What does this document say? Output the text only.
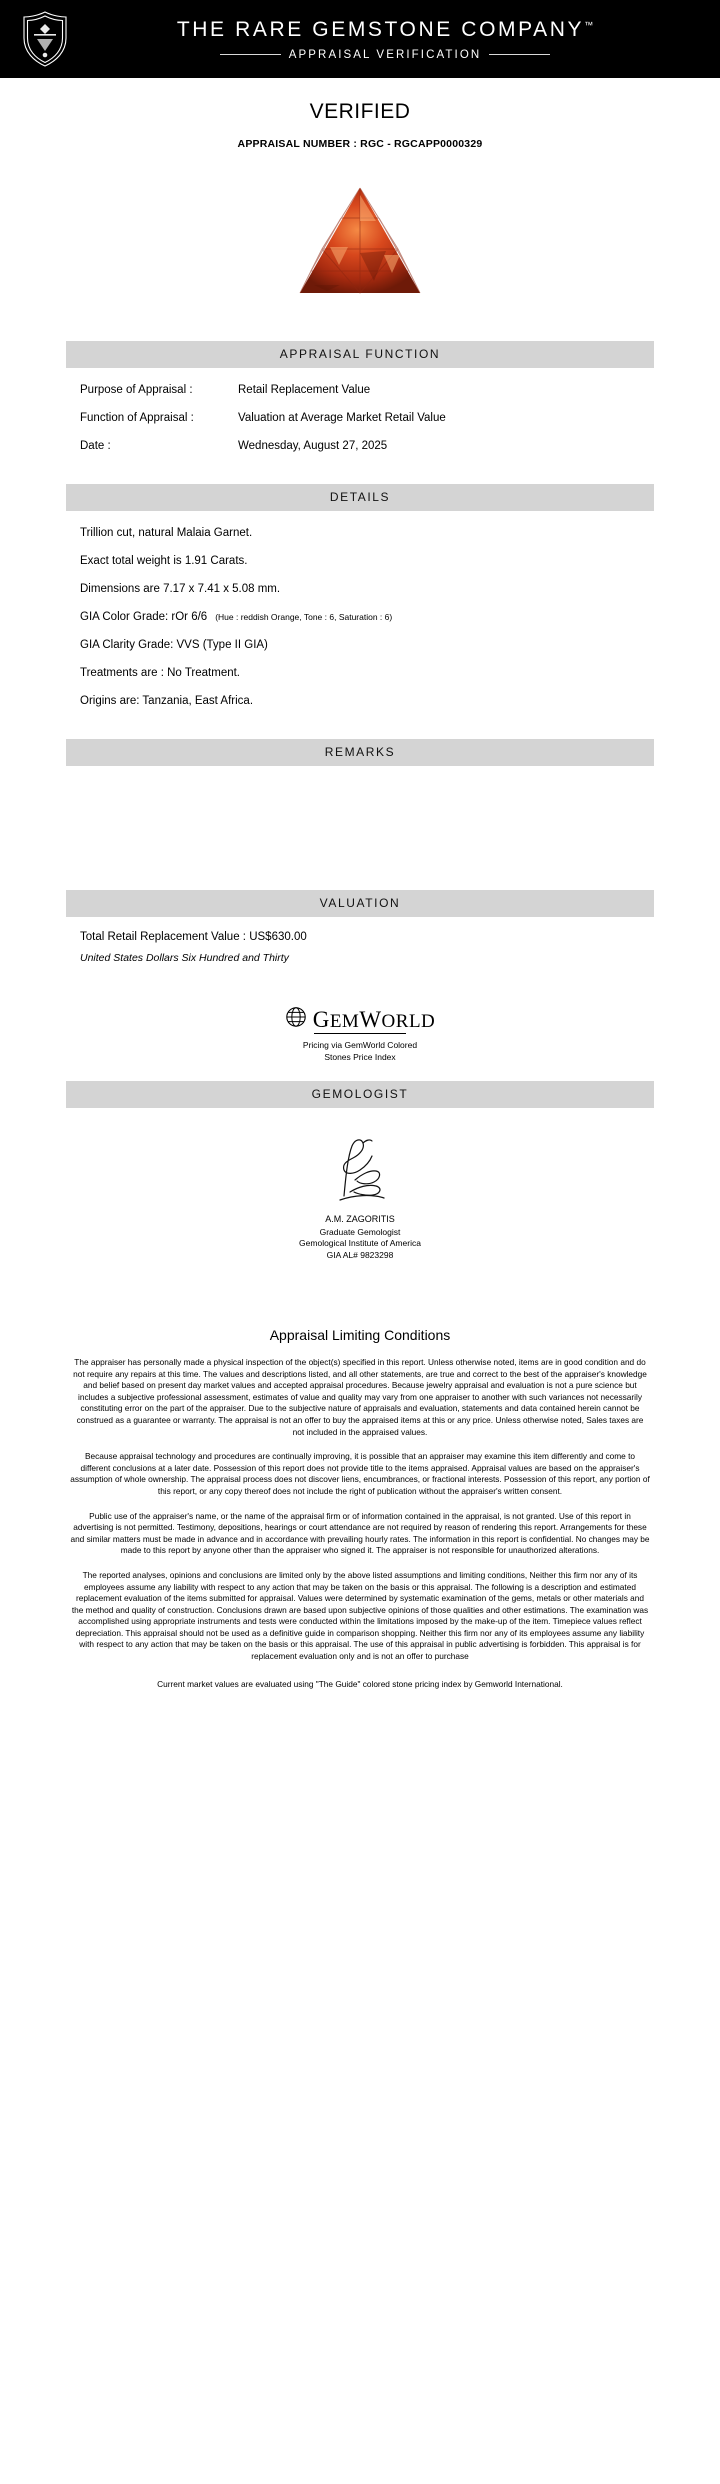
THE RARE GEMSTONE COMPANY™
APPRAISAL VERIFICATION
VERIFIED
APPRAISAL NUMBER : RGC - RGCAPP0000329
APPRAISAL FUNCTION
Purpose of Appraisal :	Retail Replacement Value
Function of Appraisal :	Valuation at Average Market Retail Value
Date :	Wednesday, August 27, 2025
DETAILS
Trillion cut, natural Malaia Garnet.
Exact total weight is 1.91 Carats.
Dimensions are 7.17 x 7.41 x 5.08 mm.
GIA Color Grade: rOr 6/6 (Hue : reddish Orange, Tone : 6, Saturation : 6)
GIA Clarity Grade: VVS (Type II GIA)
Treatments are : No Treatment.
Origins are: Tanzania, East Africa.
REMARKS
VALUATION
Total Retail Replacement Value : US$630.00
United States Dollars Six Hundred and Thirty
GEMWORLD
Pricing via GemWorld Colored
Stones Price Index
GEMOLOGIST
A.M. ZAGORITIS
Graduate Gemologist
Gemological Institute of America
GIA AL# 9823298
Appraisal Limiting Conditions

The appraiser has personally made a physical inspection of the object(s) specified in this report. Unless otherwise noted, items are in good condition and do not require any repairs at this time. The values and descriptions listed, and all other statements, are true and correct to the best of the appraiser's knowledge and belief based on present day market values and accepted appraisal procedures. Because jewelry appraisal and evaluation is not a pure science but includes a subjective professional assessment, estimates of value and quality may vary from one appraiser to another with such variances not necessarily constituting error on the part of the appraiser. Due to the subjective nature of appraisals and evaluation, statements and data contained herein cannot be construed as a guarantee or warranty. The appraisal is not an offer to buy the appraised items at this or any price. Unless otherwise noted, Sales taxes are not included in the appraised values.

Because appraisal technology and procedures are continually improving, it is possible that an appraiser may examine this item differently and come to different conclusions at a later date. Possession of this report does not provide title to the items appraised. Appraisal values are based on the appraiser's assumption of whole ownership. The appraisal process does not discover liens, encumbrances, or fractional interests. Possession of this report, any portion of this report, or any copy thereof does not include the right of publication without the appraiser's written consent.

Public use of the appraiser's name, or the name of the appraisal firm or of information contained in the appraisal, is not granted. Use of this report in advertising is not permitted. Testimony, depositions, hearings or court attendance are not required by reason of rendering this report. Arrangements for these and similar matters must be made in advance and in accordance with prevailing hourly rates. The information in this report is confidential. No changes may be made to this report by anyone other than the appraiser who signed it. The appraiser is not responsible for unauthorized alterations.

The reported analyses, opinions and conclusions are limited only by the above listed assumptions and limiting conditions, Neither this firm nor any of its employees assume any liability with respect to any action that may be taken on the basis or this appraisal. The following is a description and estimated replacement evaluation of the items submitted for appraisal. Values were determined by systematic examination of the gems, metals or other materials and the method and quality of construction. Conclusions drawn are based upon subjective opinions of those qualities and other estimations. The examination was accomplished using appropriate instruments and tests were conducted within the limitations imposed by the make-up of the item. Timepiece values reflect depreciation. This appraisal should not be used as a definitive guide in comparison shopping. Neither this firm nor any of its employees assume any liability with respect to any action that may be taken on the basis or this appraisal. The use of this appraisal in public advertising is forbidden. This appraisal is for replacement evaluation only and is not an offer to purchase

Current market values are evaluated using "The Guide" colored stone pricing index by Gemworld International.
